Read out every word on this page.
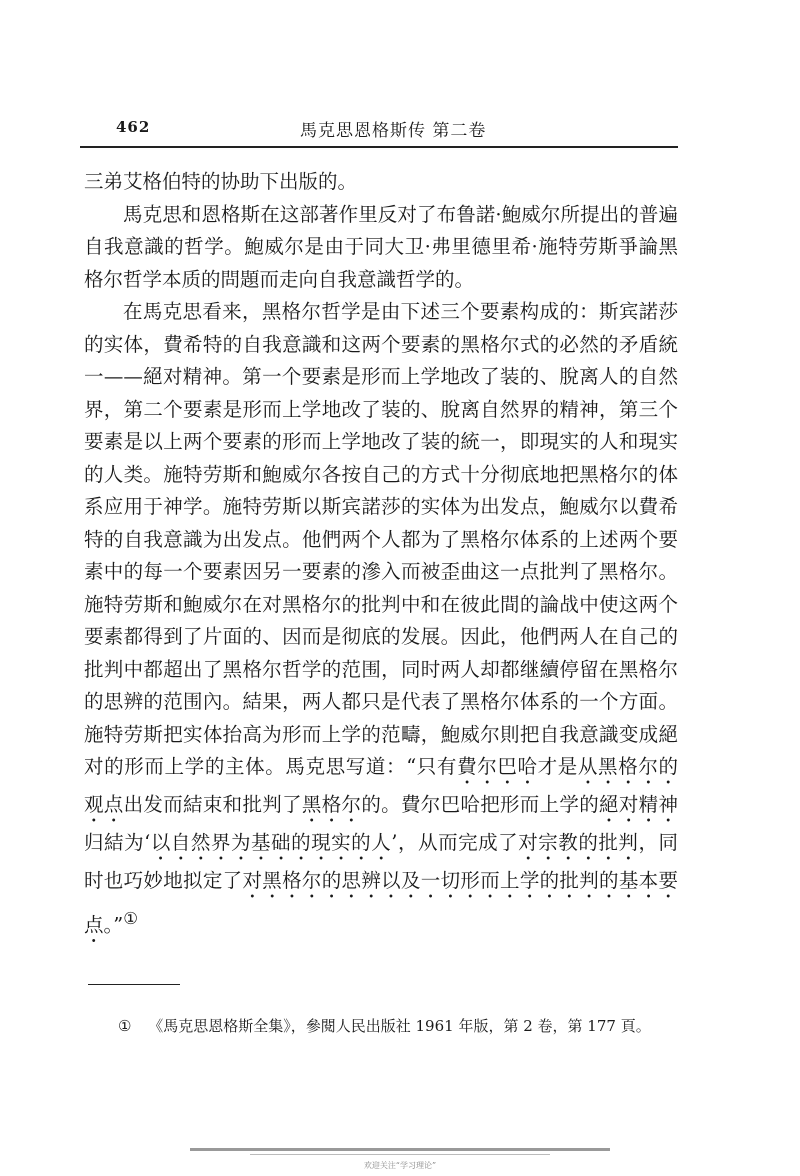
462	馬克思恩格斯传 第二卷

三弟艾格伯特的协助下出版的。

馬克思和恩格斯在这部著作里反对了布鲁諾·鮑威尔所提出的普遍自我意識的哲学。鮑威尔是由于同大卫·弗里德里希·施特劳斯爭論黑格尔哲学本质的問題而走向自我意識哲学的。

在馬克思看来，黑格尔哲学是由下述三个要素构成的：斯宾諾莎的实体，費希特的自我意識和这两个要素的黑格尔式的必然的矛盾統一——絕对精神。第一个要素是形而上学地改了装的、脫离人的自然界，第二个要素是形而上学地改了装的、脫离自然界的精神，第三个要素是以上两个要素的形而上学地改了装的統一，即現实的人和現实的人类。施特劳斯和鮑威尔各按自己的方式十分彻底地把黑格尔的体系应用于神学。施特劳斯以斯宾諾莎的实体为出发点，鮑威尔以費希特的自我意識为出发点。他們两个人都为了黑格尔体系的上述两个要素中的每一个要素因另一要素的滲入而被歪曲这一点批判了黑格尔。施特劳斯和鮑威尔在对黑格尔的批判中和在彼此間的論战中使这两个要素都得到了片面的、因而是彻底的发展。因此，他們两人在自己的批判中都超出了黑格尔哲学的范围，同时两人却都继續停留在黑格尔的思辨的范围內。結果，两人都只是代表了黑格尔体系的一个方面。施特劳斯把实体抬高为形而上学的范疇，鮑威尔則把自我意識变成絕对的形而上学的主体。馬克思写道：“只有費尔巴哈才是从黑格尔的观点出发而結束和批判了黑格尔的。費尔巴哈把形而上学的絕对精神归結为‘以自然界为基础的現实的人’，从而完成了对宗教的批判，同时也巧妙地拟定了对黑格尔的思辨以及一切形而上学的批判的基本要点。”①

① 《馬克思恩格斯全集》，參閱人民出版社 1961 年版，第 2 卷，第 177 頁。
欢迎关注“学习理论”
